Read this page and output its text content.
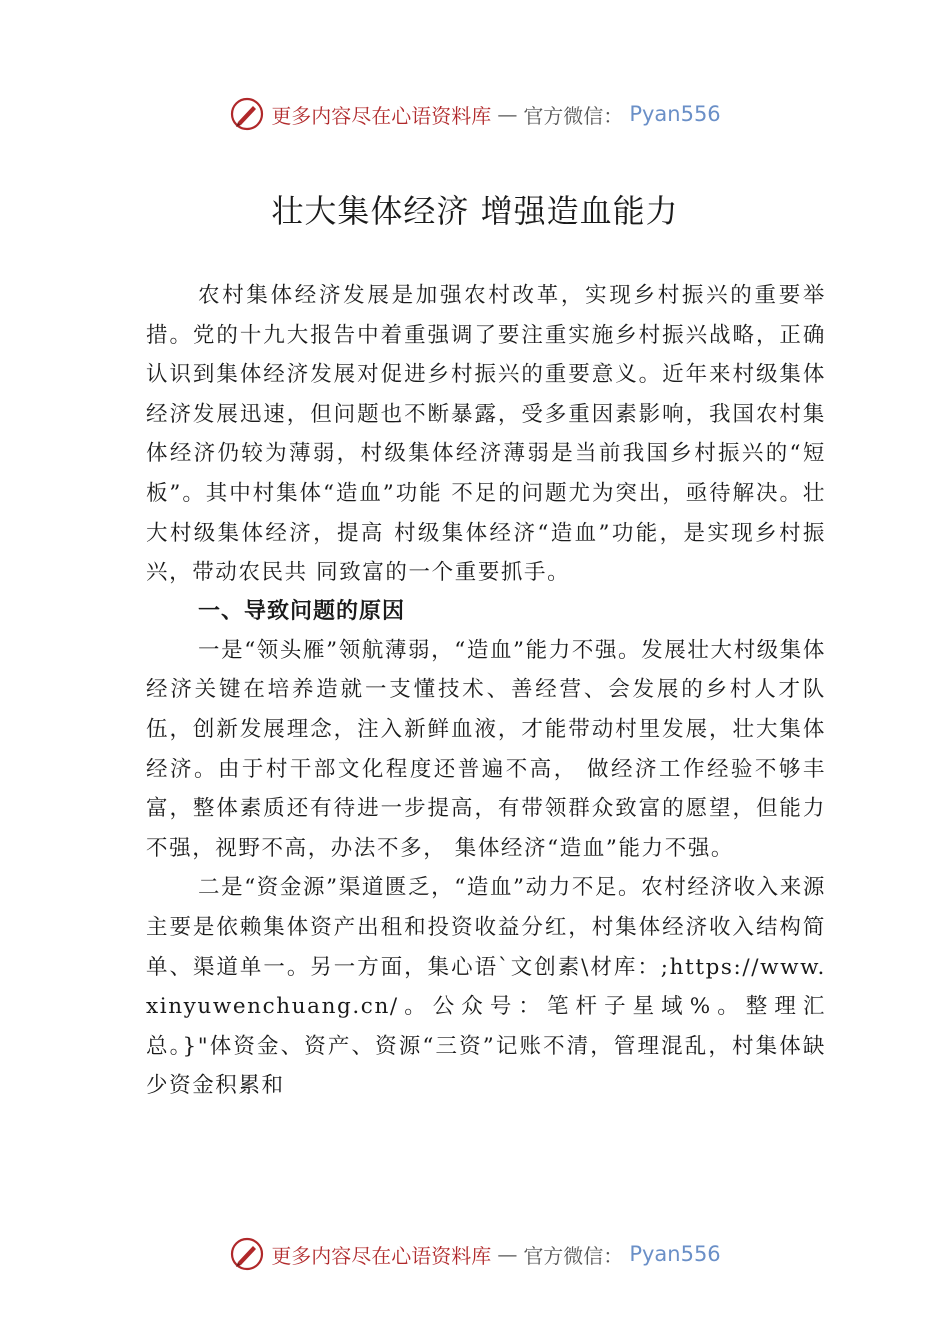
更多内容尽在心语资料库 — 官方微信： Pyan556
壮大集体经济 增强造血能力

农村集体经济发展是加强农村改革，实现乡村振兴的重要举措。党的十九大报告中着重强调了要注重实施乡村振兴战略，正确认识到集体经济发展对促进乡村振兴的重要意义。近年来村级集体经济发展迅速，但问题也不断暴露，受多重因素影响，我国农村集体经济仍较为薄弱，村级集体经济薄弱是当前我国乡村振兴的“短板”。其中村集体“造血”功能 不足的问题尤为突出，亟待解决。壮大村级集体经济，提高 村级集体经济“造血”功能，是实现乡村振兴，带动农民共 同致富的一个重要抓手。

一、导致问题的原因

一是“领头雁”领航薄弱，“造血”能力不强。发展壮大村级集体经济关键在培养造就一支懂技术、善经营、会发展的乡村人才队伍，创新发展理念，注入新鲜血液，才能带动村里发展，壮大集体经济。由于村干部文化程度还普遍不高， 做经济工作经验不够丰富，整体素质还有待进一步提高，有带领群众致富的愿望，但能力不强，视野不高，办法不多， 集体经济“造血”能力不强。

二是“资金源”渠道匮乏，“造血”动力不足。农村经济收入来源主要是依赖集体资产出租和投资收益分红，村集体经济收入结构简单、渠道单一。另一方面，集心语`文创素\材库：;https://www.xinyuwenchuang.cn/。公众号：笔杆子星域%。整理汇总。}"体资金、资产、资源“三资”记账不清，管理混乱，村集体缺少资金积累和

更多内容尽在心语资料库 — 官方微信： Pyan556
